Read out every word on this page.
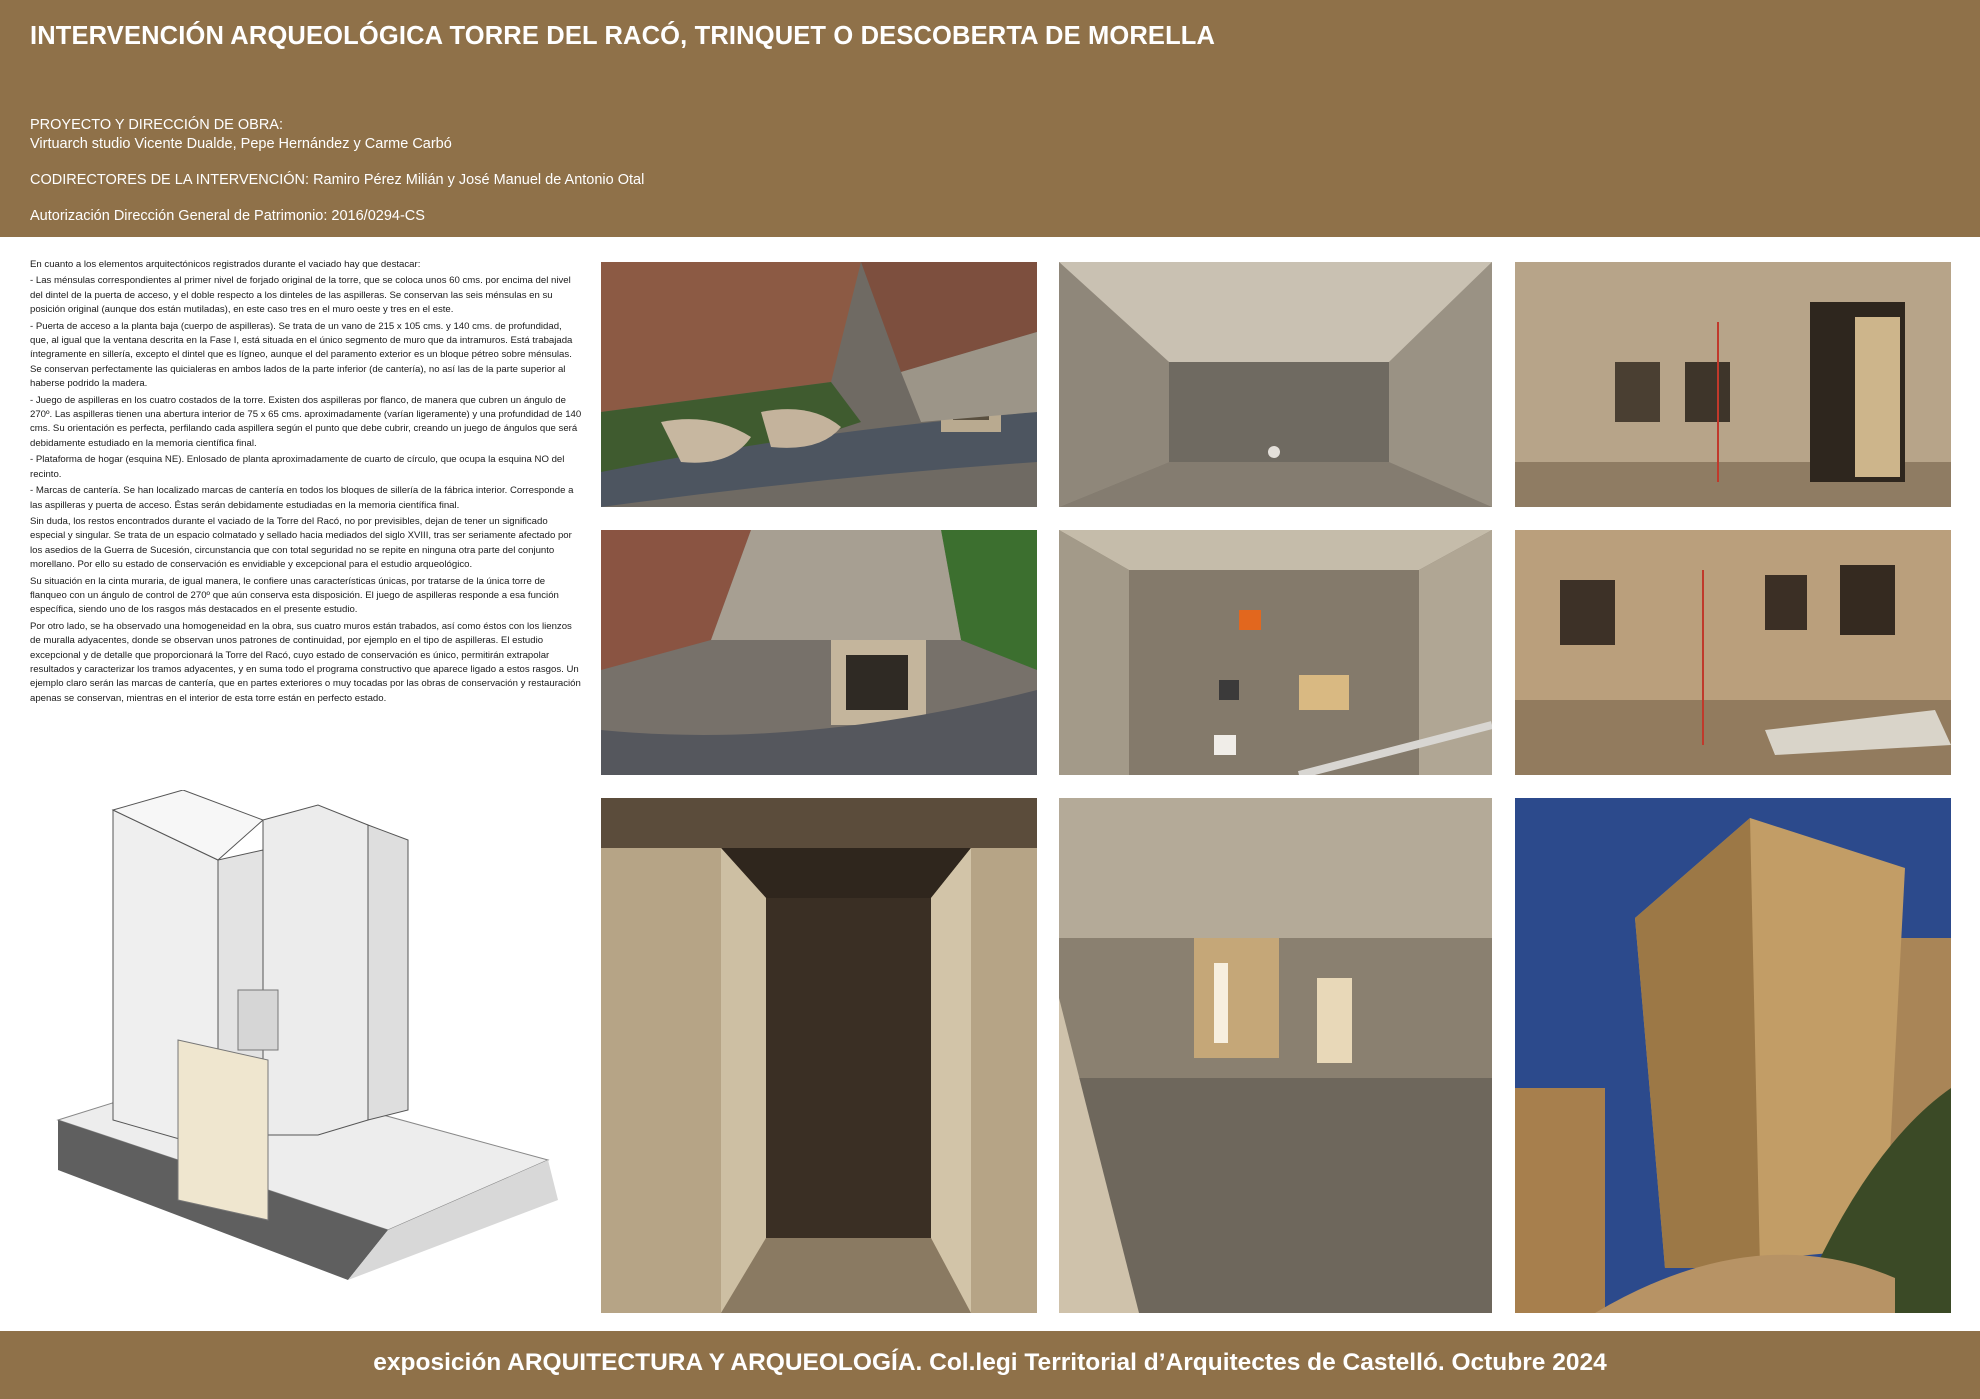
INTERVENCIÓN ARQUEOLÓGICA TORRE DEL RACÓ, TRINQUET O DESCOBERTA DE MORELLA
PROYECTO Y DIRECCIÓN DE OBRA:
Virtuarch studio Vicente Dualde, Pepe Hernández y Carme Carbó
CODIRECTORES DE LA INTERVENCIÓN: Ramiro Pérez Milián y José Manuel de Antonio Otal
Autorización Dirección General de Patrimonio: 2016/0294-CS

En cuanto a los elementos arquitectónicos registrados durante el vaciado hay que destacar:

- Las ménsulas correspondientes al primer nivel de forjado original de la torre, que se coloca unos 60 cms. por encima del nivel del dintel de la puerta de acceso, y el doble respecto a los dinteles de las aspilleras. Se conservan las seis ménsulas en su posición original (aunque dos están mutiladas), en este caso tres en el muro oeste y tres en el este.

- Puerta de acceso a la planta baja (cuerpo de aspilleras). Se trata de un vano de 215 x 105 cms. y 140 cms. de profundidad, que, al igual que la ventana descrita en la Fase I, está situada en el único segmento de muro que da intramuros. Está trabajada íntegramente en sillería, excepto el dintel que es lígneo, aunque el del paramento exterior es un bloque pétreo sobre ménsulas. Se conservan perfectamente las quicialeras en ambos lados de la parte inferior (de cantería), no así las de la parte superior al haberse podrido la madera.

- Juego de aspilleras en los cuatro costados de la torre. Existen dos aspilleras por flanco, de manera que cubren un ángulo de 270º. Las aspilleras tienen una abertura interior de 75 x 65 cms. aproximadamente (varían ligeramente) y una profundidad de 140 cms. Su orientación es perfecta, perfilando cada aspillera según el punto que debe cubrir, creando un juego de ángulos que será debidamente estudiado en la memoria científica final.

- Plataforma de hogar (esquina NE). Enlosado de planta aproximadamente de cuarto de círculo, que ocupa la esquina NO del recinto.

- Marcas de cantería. Se han localizado marcas de cantería en todos los bloques de sillería de la fábrica interior. Corresponde a las aspilleras y puerta de acceso. Éstas serán debidamente estudiadas en la memoria científica final.

Sin duda, los restos encontrados durante el vaciado de la Torre del Racó, no por previsibles, dejan de tener un significado especial y singular. Se trata de un espacio colmatado y sellado hacia mediados del siglo XVIII, tras ser seriamente afectado por los asedios de la Guerra de Sucesión, circunstancia que con total seguridad no se repite en ninguna otra parte del conjunto morellano. Por ello su estado de conservación es envidiable y excepcional para el estudio arqueológico.

Su situación en la cinta muraria, de igual manera, le confiere unas características únicas, por tratarse de la única torre de flanqueo con un ángulo de control de 270º que aún conserva esta disposición. El juego de aspilleras responde a esa función específica, siendo uno de los rasgos más destacados en el presente estudio.

Por otro lado, se ha observado una homogeneidad en la obra, sus cuatro muros están trabados, así como éstos con los lienzos de muralla adyacentes, donde se observan unos patrones de continuidad, por ejemplo en el tipo de aspilleras. El estudio excepcional y de detalle que proporcionará la Torre del Racó, cuyo estado de conservación es único, permitirán extrapolar resultados y caracterizar los tramos adyacentes, y en suma todo el programa constructivo que aparece ligado a estos rasgos. Un ejemplo claro serán las marcas de cantería, que en partes exteriores o muy tocadas por las obras de conservación y restauración apenas se conservan, mientras en el interior de esta torre están en perfecto estado.

exposición ARQUITECTURA Y ARQUEOLOGÍA. Col.legi Territorial d’Arquitectes de Castelló. Octubre 2024
